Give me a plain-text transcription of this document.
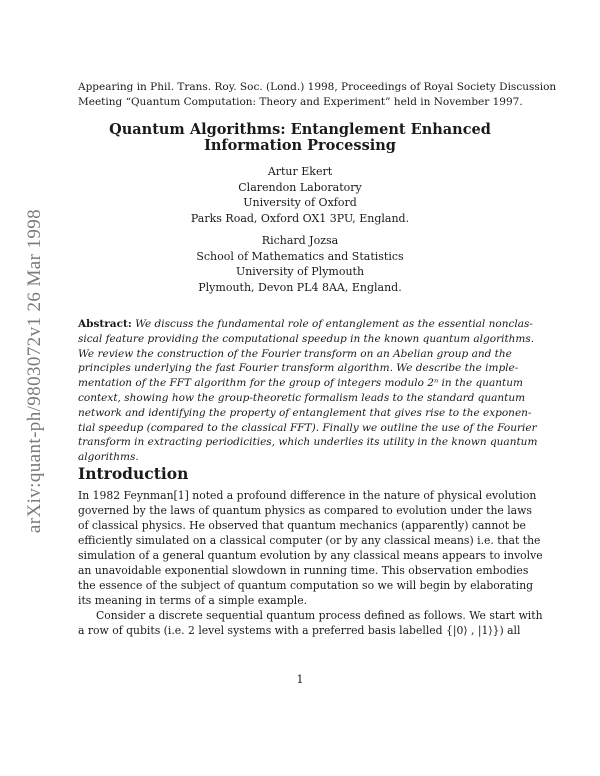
arXiv:quant-ph/9803072v1 26 Mar 1998
Appearing in Phil. Trans. Roy. Soc. (Lond.) 1998, Proceedings of Royal Society Discussion
Meeting “Quantum Computation: Theory and Experiment” held in November 1997.
Quantum Algorithms: Entanglement Enhanced
Information Processing
Artur Ekert
Clarendon Laboratory
University of Oxford
Parks Road, Oxford OX1 3PU, England.
Richard Jozsa
School of Mathematics and Statistics
University of Plymouth
Plymouth, Devon PL4 8AA, England.
Abstract: We discuss the fundamental role of entanglement as the essential nonclas-
sical feature providing the computational speedup in the known quantum algorithms.
We review the construction of the Fourier transform on an Abelian group and the
principles underlying the fast Fourier transform algorithm. We describe the imple-
mentation of the FFT algorithm for the group of integers modulo 2ⁿ in the quantum
context, showing how the group-theoretic formalism leads to the standard quantum
network and identifying the property of entanglement that gives rise to the exponen-
tial speedup (compared to the classical FFT). Finally we outline the use of the Fourier
transform in extracting periodicities, which underlies its utility in the known quantum
algorithms.
Introduction
In 1982 Feynman[1] noted a profound difference in the nature of physical evolution
governed by the laws of quantum physics as compared to evolution under the laws
of classical physics. He observed that quantum mechanics (apparently) cannot be
efficiently simulated on a classical computer (or by any classical means) i.e. that the
simulation of a general quantum evolution by any classical means appears to involve
an unavoidable exponential slowdown in running time. This observation embodies
the essence of the subject of quantum computation so we will begin by elaborating
its meaning in terms of a simple example.
Consider a discrete sequential quantum process defined as follows. We start with
a row of qubits (i.e. 2 level systems with a preferred basis labelled {|0⟩ , |1⟩}) all
1
